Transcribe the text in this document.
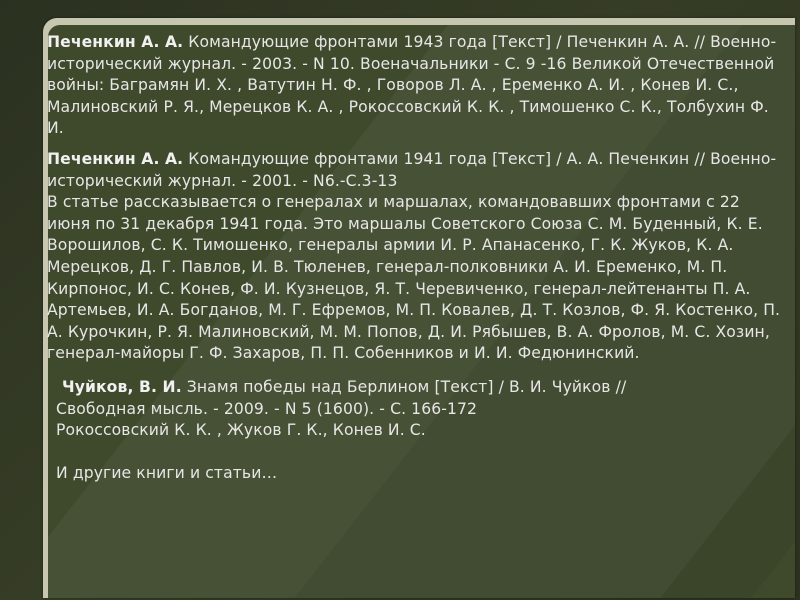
Печенкин А. А. Командующие фронтами 1943 года [Текст] / Печенкин А. А. // Военно-исторический журнал. - 2003. - N 10. Военачальники - С. 9 -16 Великой Отечественной войны: Баграмян И. Х. , Ватутин Н. Ф. , Говоров Л. А. , Еременко А. И. , Конев И. С., Малиновский Р. Я., Мерецков К. А. , Рокоссовский К. К. , Тимошенко С. К., Толбухин Ф. И.

Печенкин А. А. Командующие фронтами 1941 года [Текст] / А. А. Печенкин // Военно-исторический журнал. - 2001. - N6.-С.3-13
В статье рассказывается о генералах и маршалах, командовавших фронтами с 22 июня по 31 декабря 1941 года. Это маршалы Советского Союза С. М. Буденный, К. Е. Ворошилов, С. К. Тимошенко, генералы армии И. Р. Апанасенко, Г. К. Жуков, К. А. Мерецков, Д. Г. Павлов, И. В. Тюленев, генерал-полковники А. И. Еременко, М. П. Кирпонос, И. С. Конев, Ф. И. Кузнецов, Я. Т. Черевиченко, генерал-лейтенанты П. А. Артемьев, И. А. Богданов, М. Г. Ефремов, М. П. Ковалев, Д. Т. Козлов, Ф. Я. Костенко, П. А. Курочкин, Р. Я. Малиновский, М. М. Попов, Д. И. Рябышев, В. А. Фролов, М. С. Хозин, генерал-майоры Г. Ф. Захаров, П. П. Собенников и И. И. Федюнинский.

Чуйков, В. И. Знамя победы над Берлином [Текст] / В. И. Чуйков //
Свободная мысль. - 2009. - N 5 (1600). - С. 166-172
Рокоссовский К. К. , Жуков Г. К., Конев И. С.

И другие книги и статьи…
